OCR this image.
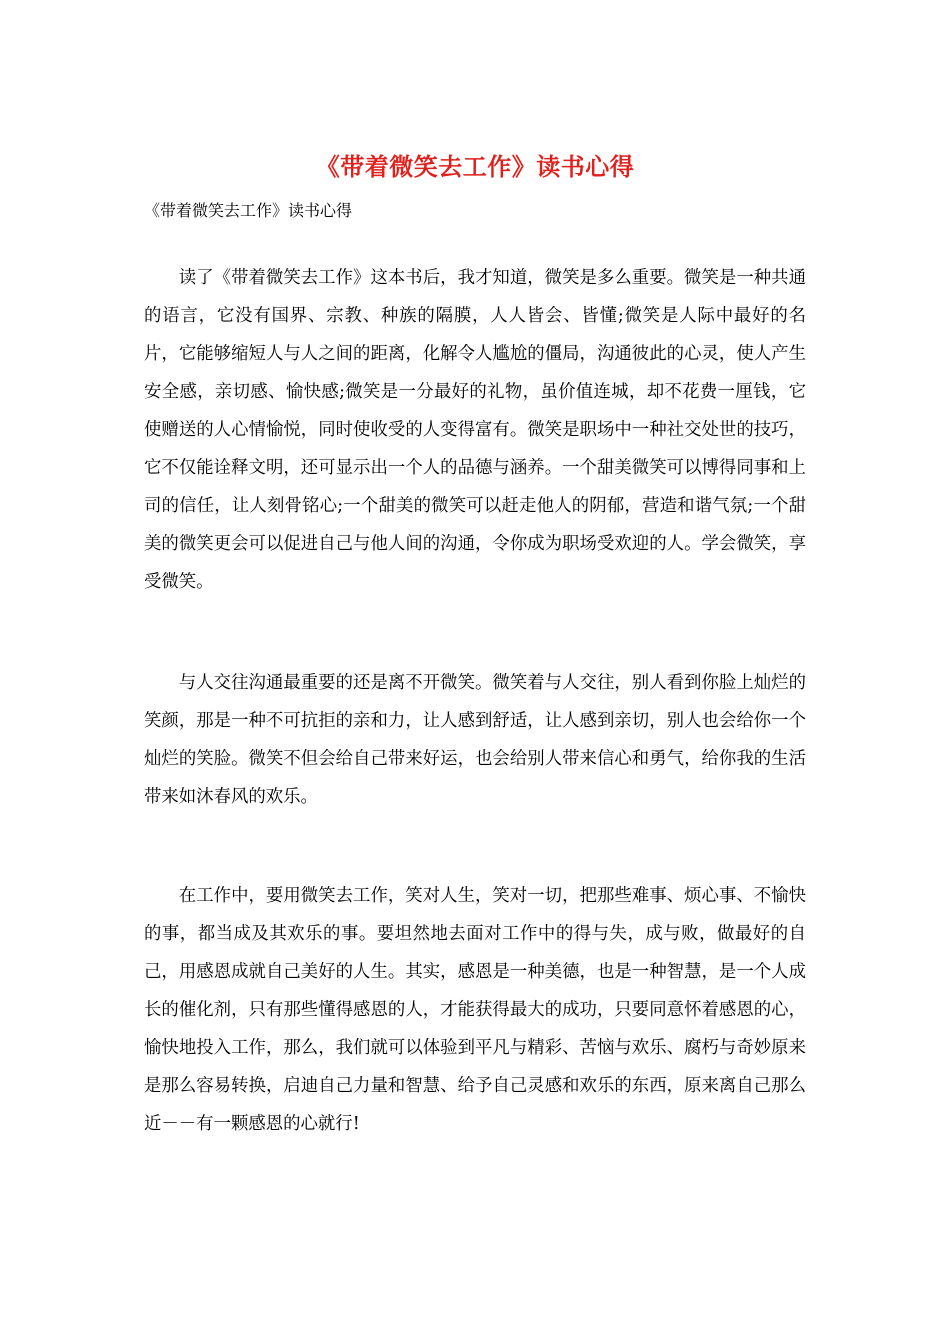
《带着微笑去工作》读书心得
《带着微笑去工作》读书心得

读了《带着微笑去工作》这本书后，我才知道，微笑是多么重要。微笑是一种共通的语言，它没有国界、宗教、种族的隔膜，人人皆会、皆懂;微笑是人际中最好的名片，它能够缩短人与人之间的距离，化解令人尴尬的僵局，沟通彼此的心灵，使人产生安全感，亲切感、愉快感;微笑是一分最好的礼物，虽价值连城，却不花费一厘钱，它使赠送的人心情愉悦，同时使收受的人变得富有。微笑是职场中一种社交处世的技巧，它不仅能诠释文明，还可显示出一个人的品德与涵养。一个甜美微笑可以博得同事和上司的信任，让人刻骨铭心;一个甜美的微笑可以赶走他人的阴郁，营造和谐气氛;一个甜美的微笑更会可以促进自己与他人间的沟通，令你成为职场受欢迎的人。学会微笑，享受微笑。

与人交往沟通最重要的还是离不开微笑。微笑着与人交往，别人看到你脸上灿烂的笑颜，那是一种不可抗拒的亲和力，让人感到舒适，让人感到亲切，别人也会给你一个灿烂的笑脸。微笑不但会给自己带来好运，也会给别人带来信心和勇气，给你我的生活带来如沐春风的欢乐。

在工作中，要用微笑去工作，笑对人生，笑对一切，把那些难事、烦心事、不愉快的事，都当成及其欢乐的事。要坦然地去面对工作中的得与失，成与败，做最好的自己，用感恩成就自己美好的人生。其实，感恩是一种美德，也是一种智慧，是一个人成长的催化剂，只有那些懂得感恩的人，才能获得最大的成功，只要同意怀着感恩的心，愉快地投入工作，那么，我们就可以体验到平凡与精彩、苦恼与欢乐、腐朽与奇妙原来是那么容易转换，启迪自己力量和智慧、给予自己灵感和欢乐的东西，原来离自己那么近－－有一颗感恩的心就行!
